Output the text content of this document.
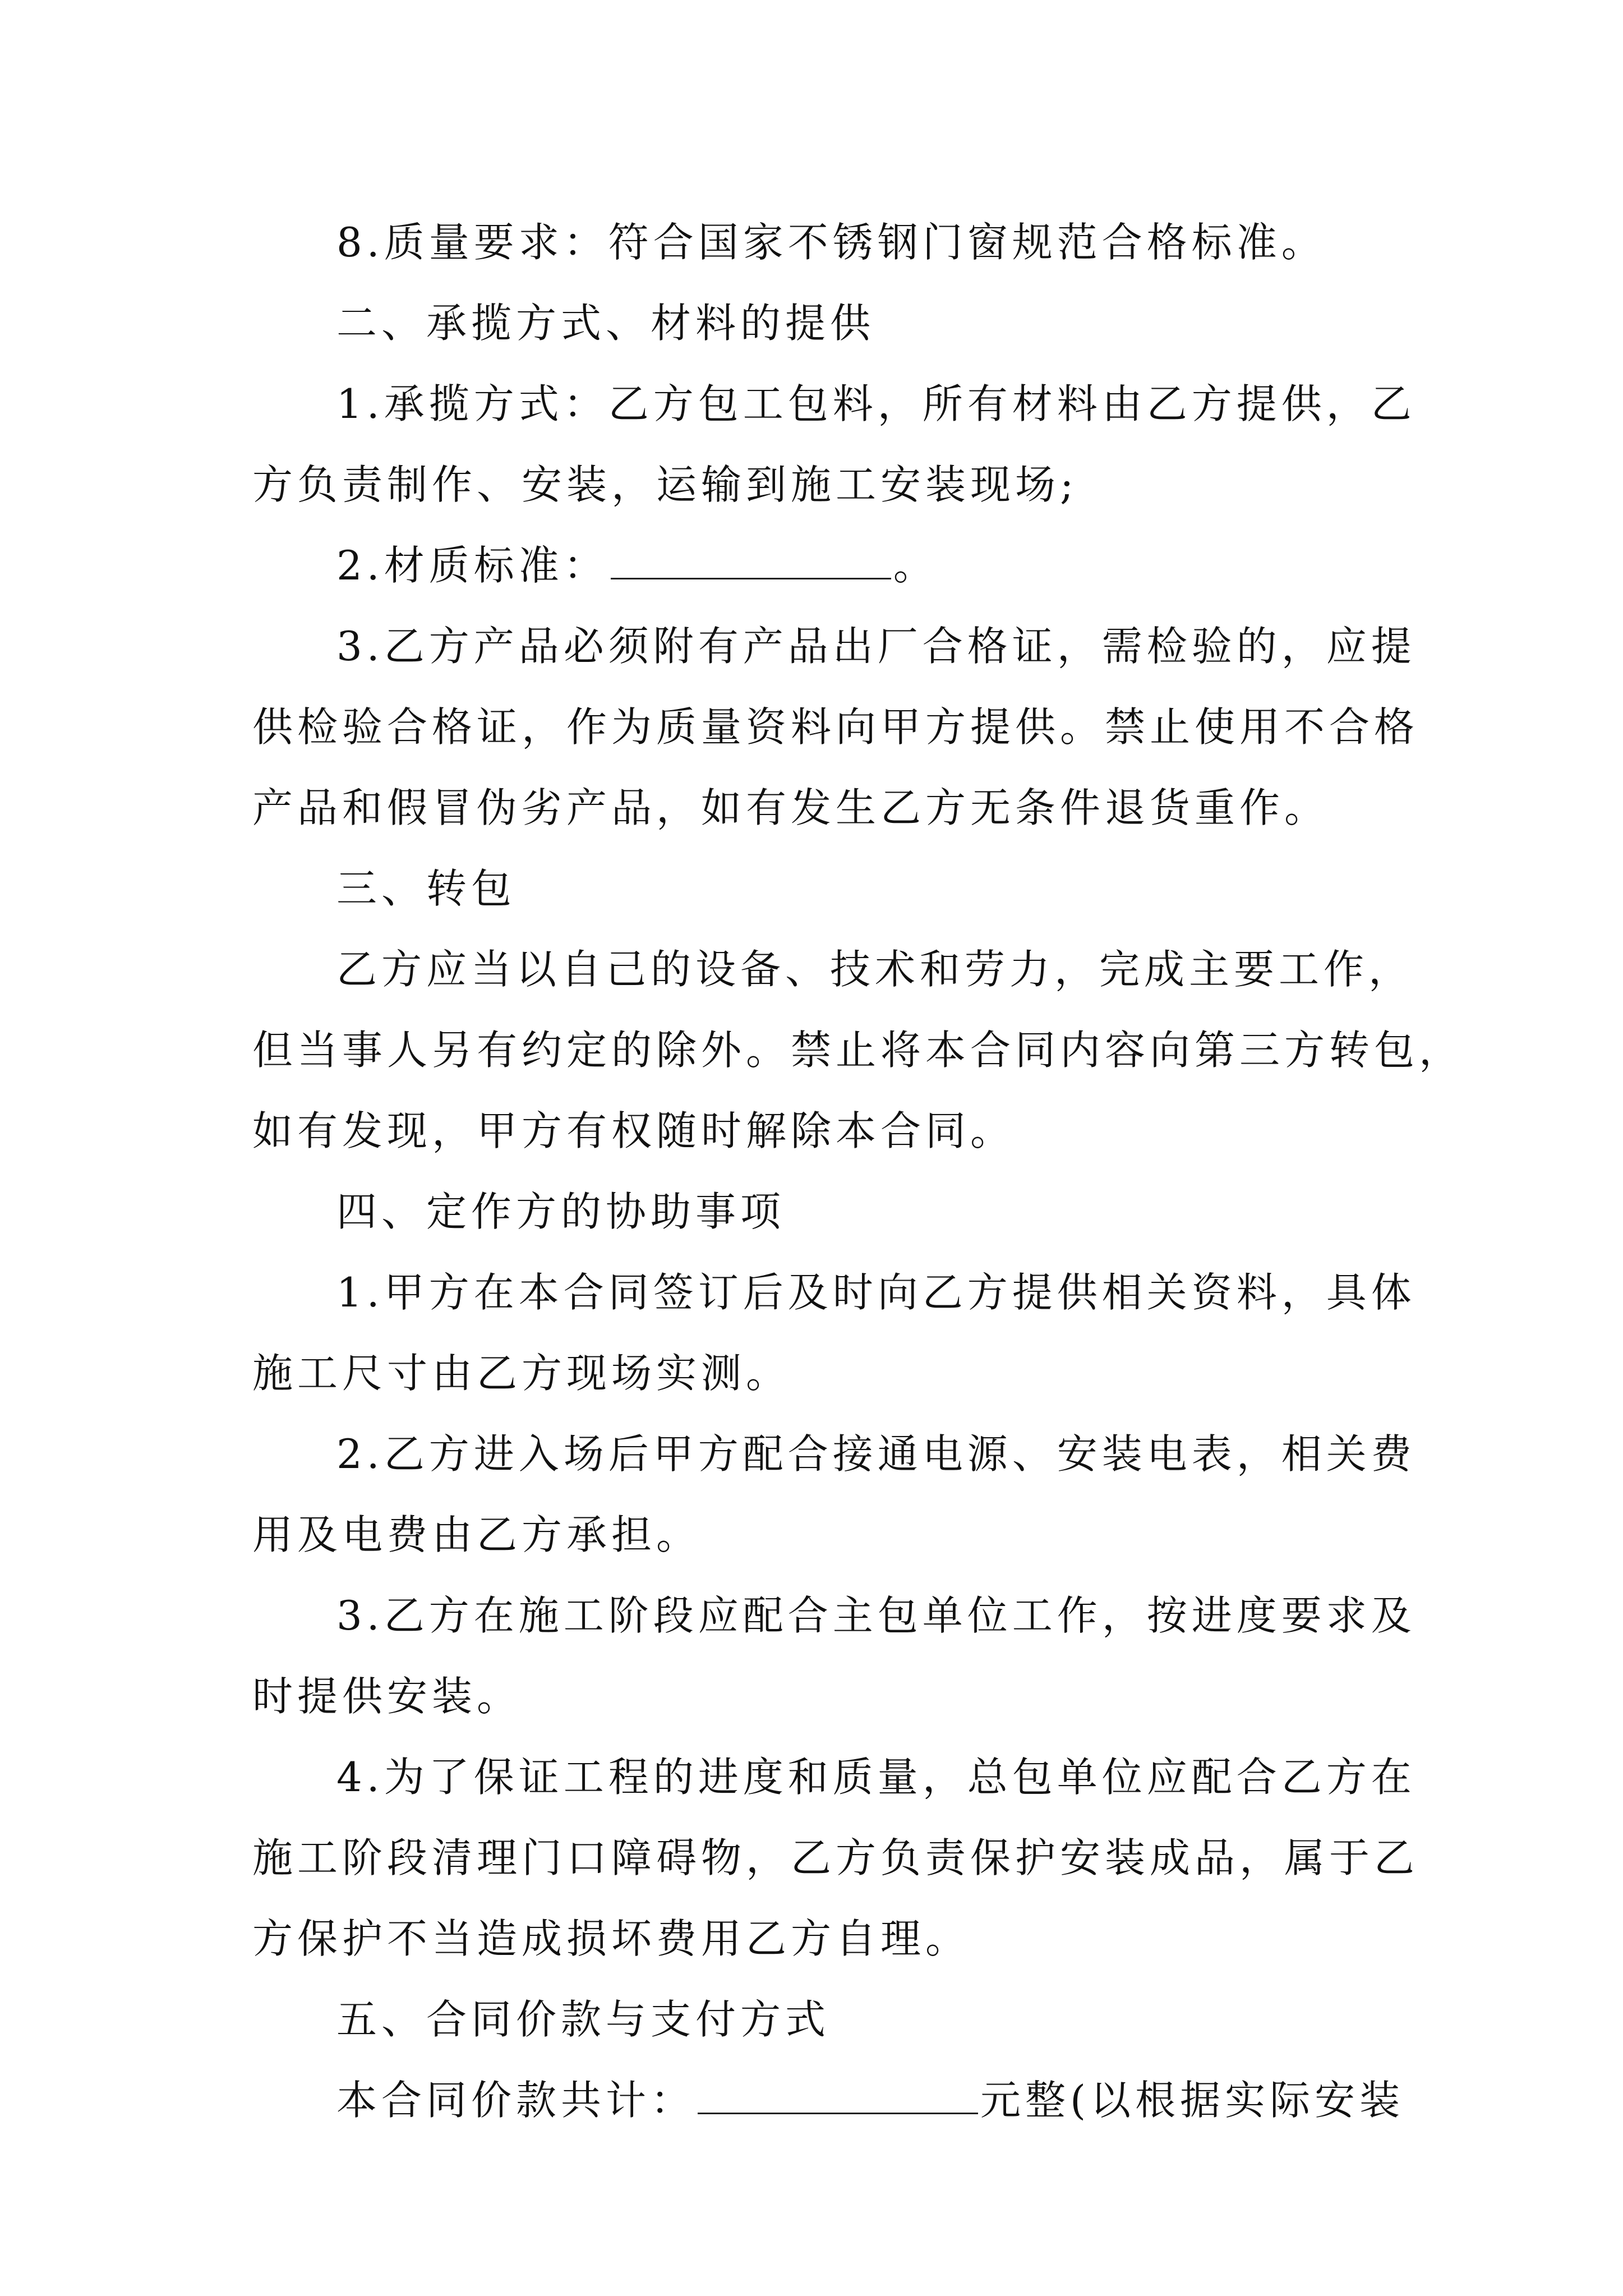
8.质量要求：符合国家不锈钢门窗规范合格标准。
二、承揽方式、材料的提供
1.承揽方式：乙方包工包料，所有材料由乙方提供，乙
方负责制作、安装，运输到施工安装现场;
2.材质标准：	。
3.乙方产品必须附有产品出厂合格证，需检验的，应提
供检验合格证，作为质量资料向甲方提供。禁止使用不合格
产品和假冒伪劣产品，如有发生乙方无条件退货重作。
三、转包
乙方应当以自己的设备、技术和劳力，完成主要工作，
但当事人另有约定的除外。禁止将本合同内容向第三方转包，
如有发现，甲方有权随时解除本合同。
四、定作方的协助事项
1.甲方在本合同签订后及时向乙方提供相关资料，具体
施工尺寸由乙方现场实测。
2.乙方进入场后甲方配合接通电源、安装电表，相关费
用及电费由乙方承担。
3.乙方在施工阶段应配合主包单位工作，按进度要求及
时提供安装。
4.为了保证工程的进度和质量，总包单位应配合乙方在
施工阶段清理门口障碍物，乙方负责保护安装成品，属于乙
方保护不当造成损坏费用乙方自理。
五、合同价款与支付方式
本合同价款共计：	元整(以根据实际安装
